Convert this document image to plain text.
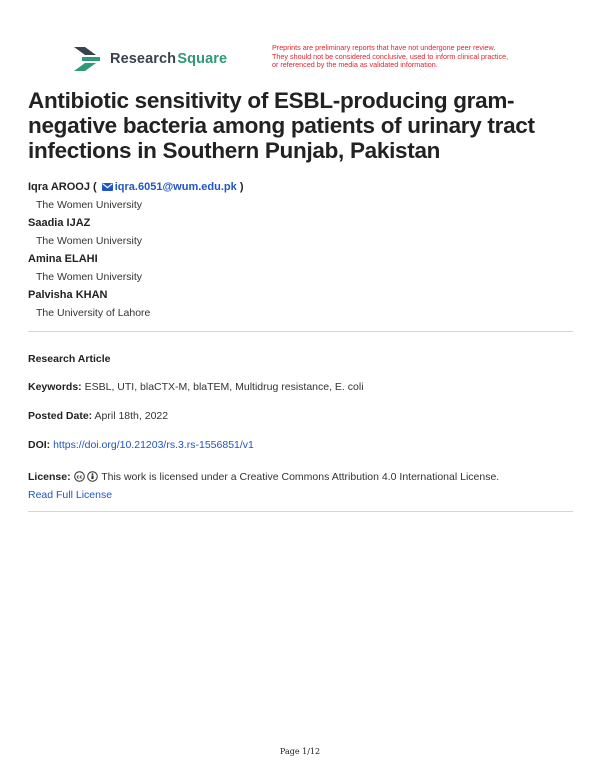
Research Square
Preprints are preliminary reports that have not undergone peer review.
They should not be considered conclusive, used to inform clinical practice,
or referenced by the media as validated information.
Antibiotic sensitivity of ESBL-producing gram-negative bacteria among patients of urinary tract infections in Southern Punjab, Pakistan
Iqra AROOJ ( iqra.6051@wum.edu.pk )
The Women University
Saadia IJAZ
The Women University
Amina ELAHI
The Women University
Palvisha KHAN
The University of Lahore
Research Article
Keywords: ESBL, UTI, blaCTX-M, blaTEM, Multidrug resistance, E. coli
Posted Date: April 18th, 2022
DOI: https://doi.org/10.21203/rs.3.rs-1556851/v1
License: cc This work is licensed under a Creative Commons Attribution 4.0 International License.
Read Full License
Page 1/12
